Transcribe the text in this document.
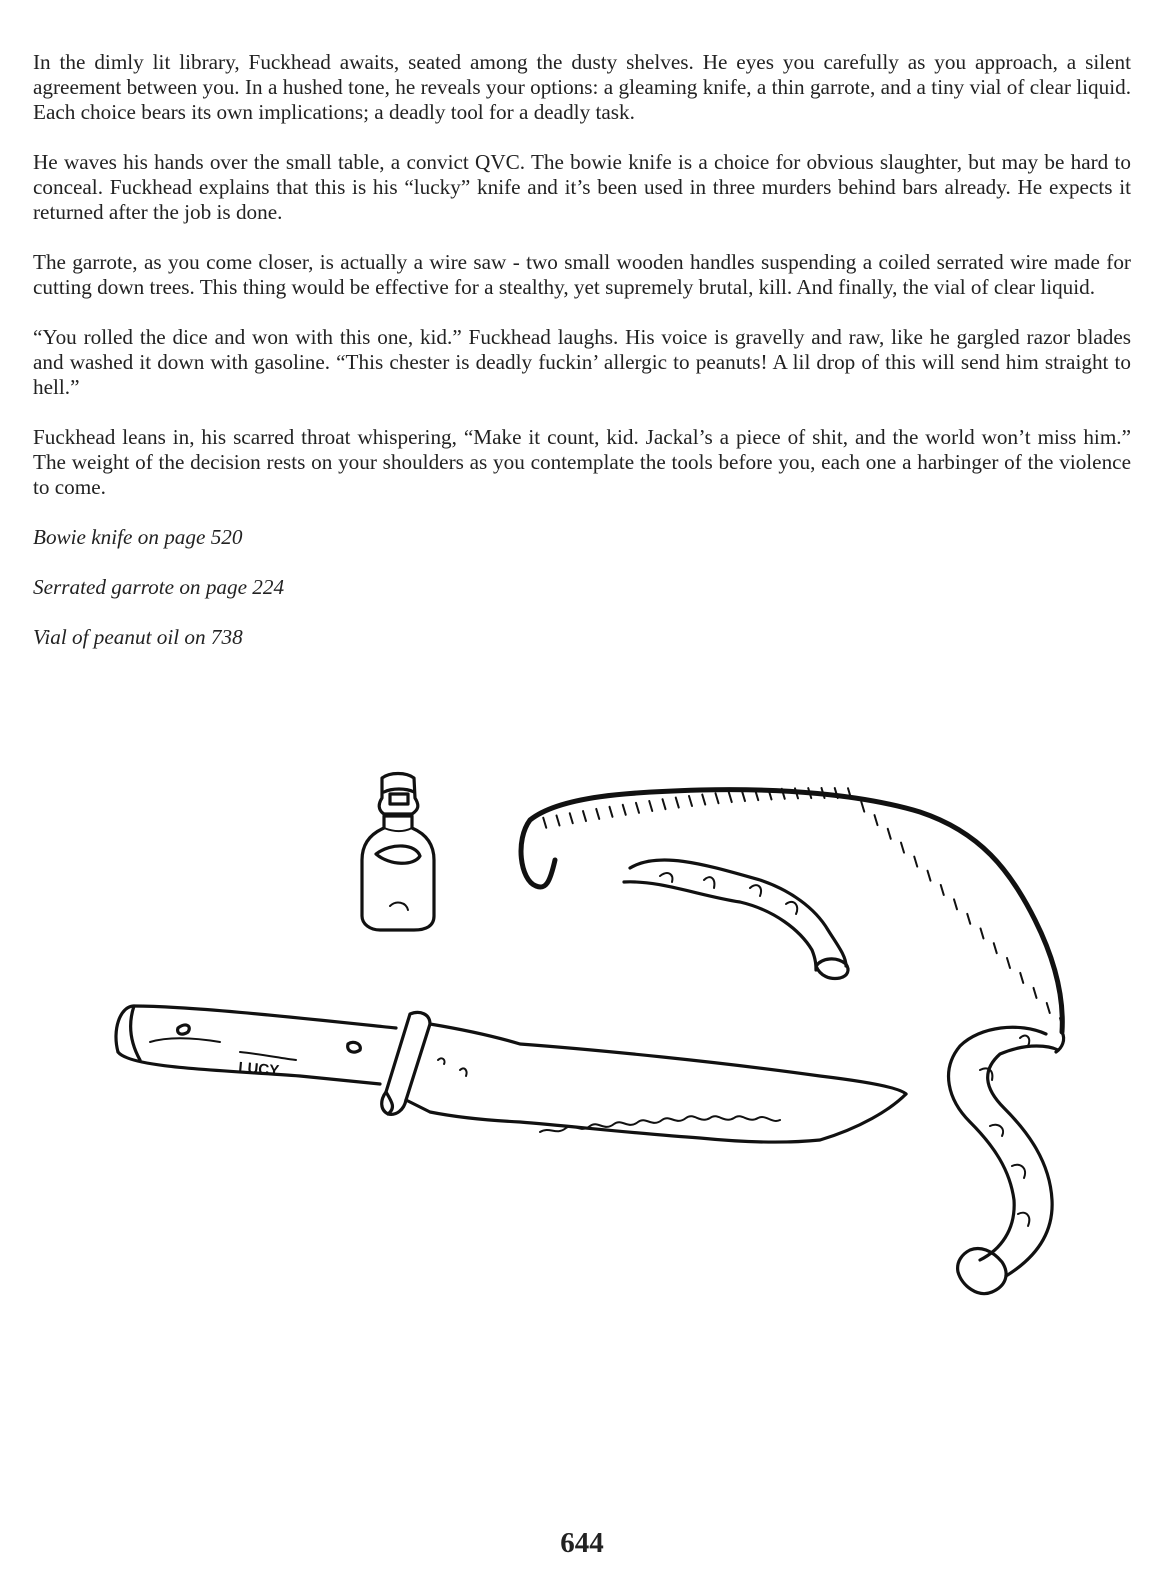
In the dimly lit library, Fuckhead awaits, seated among the dusty shelves. He eyes you carefully as you approach, a silent agreement between you. In a hushed tone, he reveals your options: a gleaming knife, a thin garrote, and a tiny vial of clear liquid. Each choice bears its own implications; a deadly tool for a deadly task.

He waves his hands over the small table, a convict QVC. The bowie knife is a choice for obvious slaughter, but may be hard to conceal. Fuckhead explains that this is his “lucky” knife and it’s been used in three murders behind bars already. He expects it returned after the job is done.

The garrote, as you come closer, is actually a wire saw - two small wooden handles suspending a coiled serrated wire made for cutting down trees. This thing would be effective for a stealthy, yet supremely brutal, kill. And finally, the vial of clear liquid.

“You rolled the dice and won with this one, kid.” Fuckhead laughs. His voice is gravelly and raw, like he gargled razor blades and washed it down with gasoline. “This chester is deadly fuckin’ allergic to peanuts! A lil drop of this will send him straight to hell.”

Fuckhead leans in, his scarred throat whispering, “Make it count, kid. Jackal’s a piece of shit, and the world won’t miss him.” The weight of the decision rests on your shoulders as you contemplate the tools before you, each one a harbinger of the violence to come.

Bowie knife on page 520

Serrated garrote on page 224

Vial of peanut oil on 738

LUCY
644
